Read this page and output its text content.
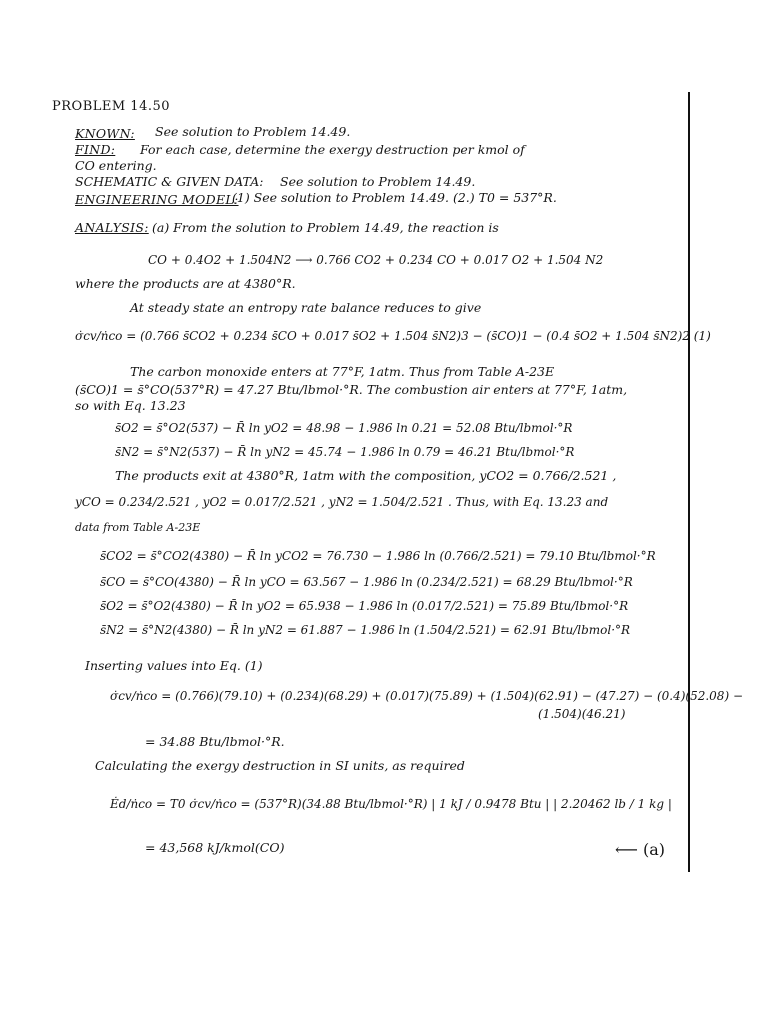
PROBLEM 14.50
KNOWN: See solution to Problem 14.49.
FIND: For each case, determine the exergy destruction per kmol of
CO entering.
SCHEMATIC & GIVEN DATA: See solution to Problem 14.49.
ENGINEERING MODEL:
(1) See solution to Problem 14.49. (2.) T0 = 537°R.
ANALYSIS: (a) From the solution to Problem 14.49, the reaction is
CO + 0.4O2 + 1.504N2 ⟶ 0.766 CO2 + 0.234 CO + 0.017 O2 + 1.504 N2
where the products are at 4380°R.
At steady state an entropy rate balance reduces to give
σ̇cv/ṅco = (0.766 s̄CO2 + 0.234 s̄CO + 0.017 s̄O2 + 1.504 s̄N2)3 − (s̄CO)1 − (0.4 s̄O2 + 1.504 s̄N2)2 (1)
The carbon monoxide enters at 77°F, 1atm. Thus from Table A-23E
(s̄CO)1 = s̄°CO(537°R) = 47.27 Btu/lbmol·°R. The combustion air enters at 77°F, 1atm,
so with Eq. 13.23
s̄O2 = s̄°O2(537) − R̄ ln yO2 = 48.98 − 1.986 ln 0.21 = 52.08 Btu/lbmol·°R
s̄N2 = s̄°N2(537) − R̄ ln yN2 = 45.74 − 1.986 ln 0.79 = 46.21 Btu/lbmol·°R
The products exit at 4380°R, 1atm with the composition, yCO2 = 0.766/2.521 ,
yCO = 0.234/2.521 , yO2 = 0.017/2.521 , yN2 = 1.504/2.521 . Thus, with Eq. 13.23 and
data from Table A-23E
s̄CO2 = s̄°CO2(4380) − R̄ ln yCO2 = 76.730 − 1.986 ln (0.766/2.521) = 79.10 Btu/lbmol·°R
s̄CO = s̄°CO(4380) − R̄ ln yCO = 63.567 − 1.986 ln (0.234/2.521) = 68.29 Btu/lbmol·°R
s̄O2 = s̄°O2(4380) − R̄ ln yO2 = 65.938 − 1.986 ln (0.017/2.521) = 75.89 Btu/lbmol·°R
s̄N2 = s̄°N2(4380) − R̄ ln yN2 = 61.887 − 1.986 ln (1.504/2.521) = 62.91 Btu/lbmol·°R
Inserting values into Eq. (1)
σ̇cv/ṅco = (0.766)(79.10) + (0.234)(68.29) + (0.017)(75.89) + (1.504)(62.91) − (47.27) − (0.4)(52.08) −
(1.504)(46.21)
= 34.88 Btu/lbmol·°R.
Calculating the exergy destruction in SI units, as required
Ėd/ṅco = T0 σ̇cv/ṅco = (537°R)(34.88 Btu/lbmol·°R) | 1 kJ / 0.9478 Btu | | 2.20462 lb / 1 kg |
= 43,568 kJ/kmol(CO)	⟵ (a)
